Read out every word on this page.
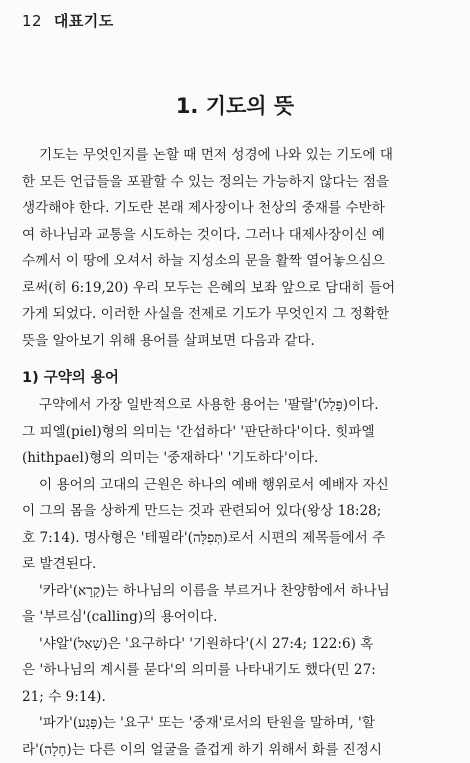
12 대표기도
1. 기도의 뜻
기도는 무엇인지를 논할 때 먼저 성경에 나와 있는 기도에 대
한 모든 언급들을 포괄할 수 있는 정의는 가능하지 않다는 점을
생각해야 한다. 기도란 본래 제사장이나 천상의 중재를 수반하
여 하나님과 교통을 시도하는 것이다. 그러나 대제사장이신 예
수께서 이 땅에 오셔서 하늘 지성소의 문을 활짝 열어놓으심으
로써(히 6:19,20) 우리 모두는 은혜의 보좌 앞으로 담대히 들어
가게 되었다. 이러한 사실을 전제로 기도가 무엇인지 그 정확한
뜻을 알아보기 위해 용어를 살펴보면 다음과 같다.
1) 구약의 용어
구약에서 가장 일반적으로 사용한 용어는 '팔랄'(פָּלַל)이다.
그 피엘(piel)형의 의미는 '간섭하다' '판단하다'이다. 힛파엘
(hithpael)형의 의미는 '중재하다' '기도하다'이다.
이 용어의 고대의 근원은 하나의 예배 행위로서 예배자 자신
이 그의 몸을 상하게 만드는 것과 관련되어 있다(왕상 18:28;
호 7:14). 명사형은 '테필라'(תְּפִלָּה)로서 시편의 제목들에서 주
로 발견된다.
'카라'(קָרָא)는 하나님의 이름을 부르거나 찬양함에서 하나님
을 '부르심'(calling)의 용어이다.
'샤알'(שָׁאַל)은 '요구하다' '기원하다'(시 27:4; 122:6) 혹
은 '하나님의 계시를 묻다'의 의미를 나타내기도 했다(민 27:
21; 수 9:14).
'파가'(פָּגַע)는 '요구' 또는 '중재'로서의 탄원을 말하며, '할
라'(חָלָה)는 다른 이의 얼굴을 즐겁게 하기 위해서 화를 진정시
